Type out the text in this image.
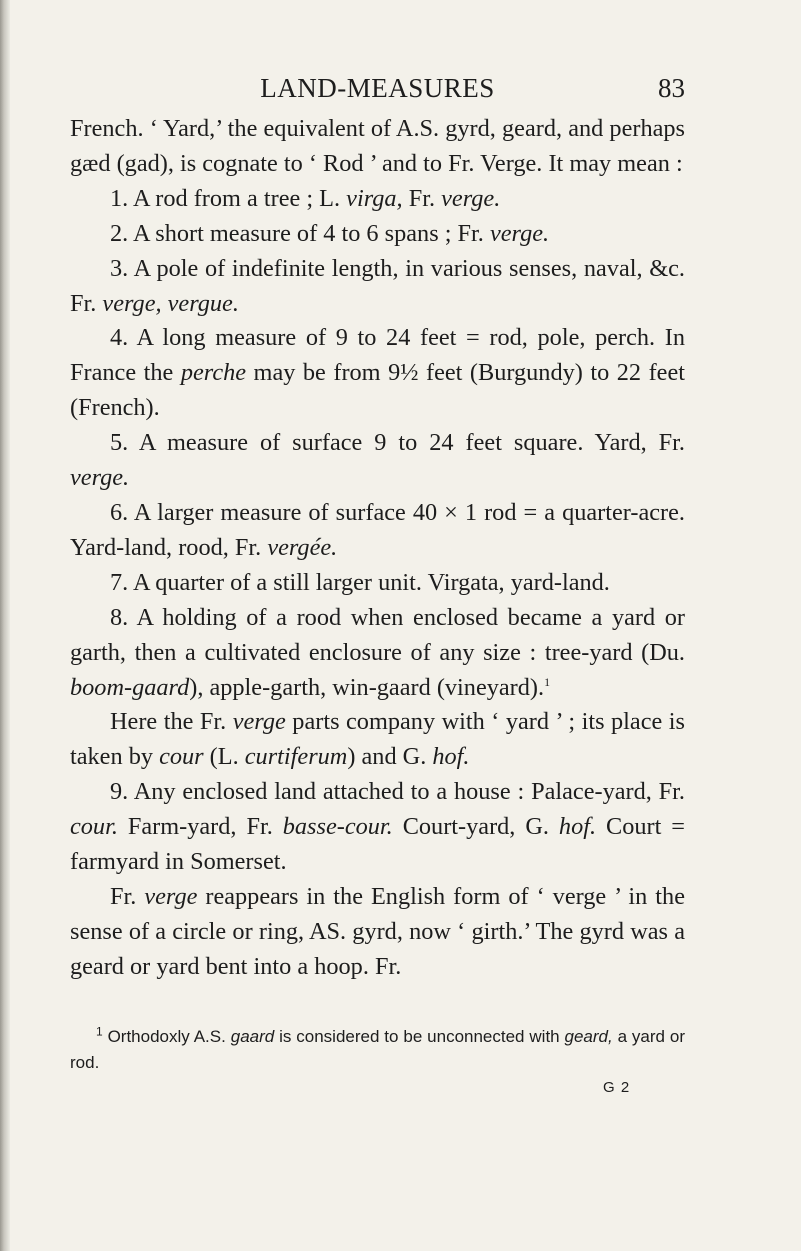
LAND-MEASURES	83

French. ‘ Yard,’ the equivalent of A.S. gyrd, geard, and perhaps gæd (gad), is cognate to ‘ Rod ’ and to Fr. Verge. It may mean :

1. A rod from a tree ; L. virga, Fr. verge.

2. A short measure of 4 to 6 spans ; Fr. verge.

3. A pole of indefinite length, in various senses, naval, &c. Fr. verge, vergue.

4. A long measure of 9 to 24 feet = rod, pole, perch. In France the perche may be from 9½ feet (Burgundy) to 22 feet (French).

5. A measure of surface 9 to 24 feet square. Yard, Fr. verge.

6. A larger measure of surface 40 × 1 rod = a quarter-acre. Yard-land, rood, Fr. vergée.

7. A quarter of a still larger unit. Virgata, yard-land.

8. A holding of a rood when enclosed became a yard or garth, then a cultivated enclosure of any size : tree-yard (Du. boom-gaard), apple-garth, win-gaard (vineyard).$^1$

Here the Fr. verge parts company with ‘ yard ’ ; its place is taken by cour (L. curtiferum) and G. hof.

9. Any enclosed land attached to a house : Palace-yard, Fr. cour. Farm-yard, Fr. basse-cour. Court-yard, G. hof. Court = farmyard in Somerset.

Fr. verge reappears in the English form of ‘ verge ’ in the sense of a circle or ring, AS. gyrd, now ‘ girth.’ The gyrd was a geard or yard bent into a hoop. Fr.

$^1$ Orthodoxly A.S. gaard is considered to be unconnected with geard, a yard or rod.

G 2
